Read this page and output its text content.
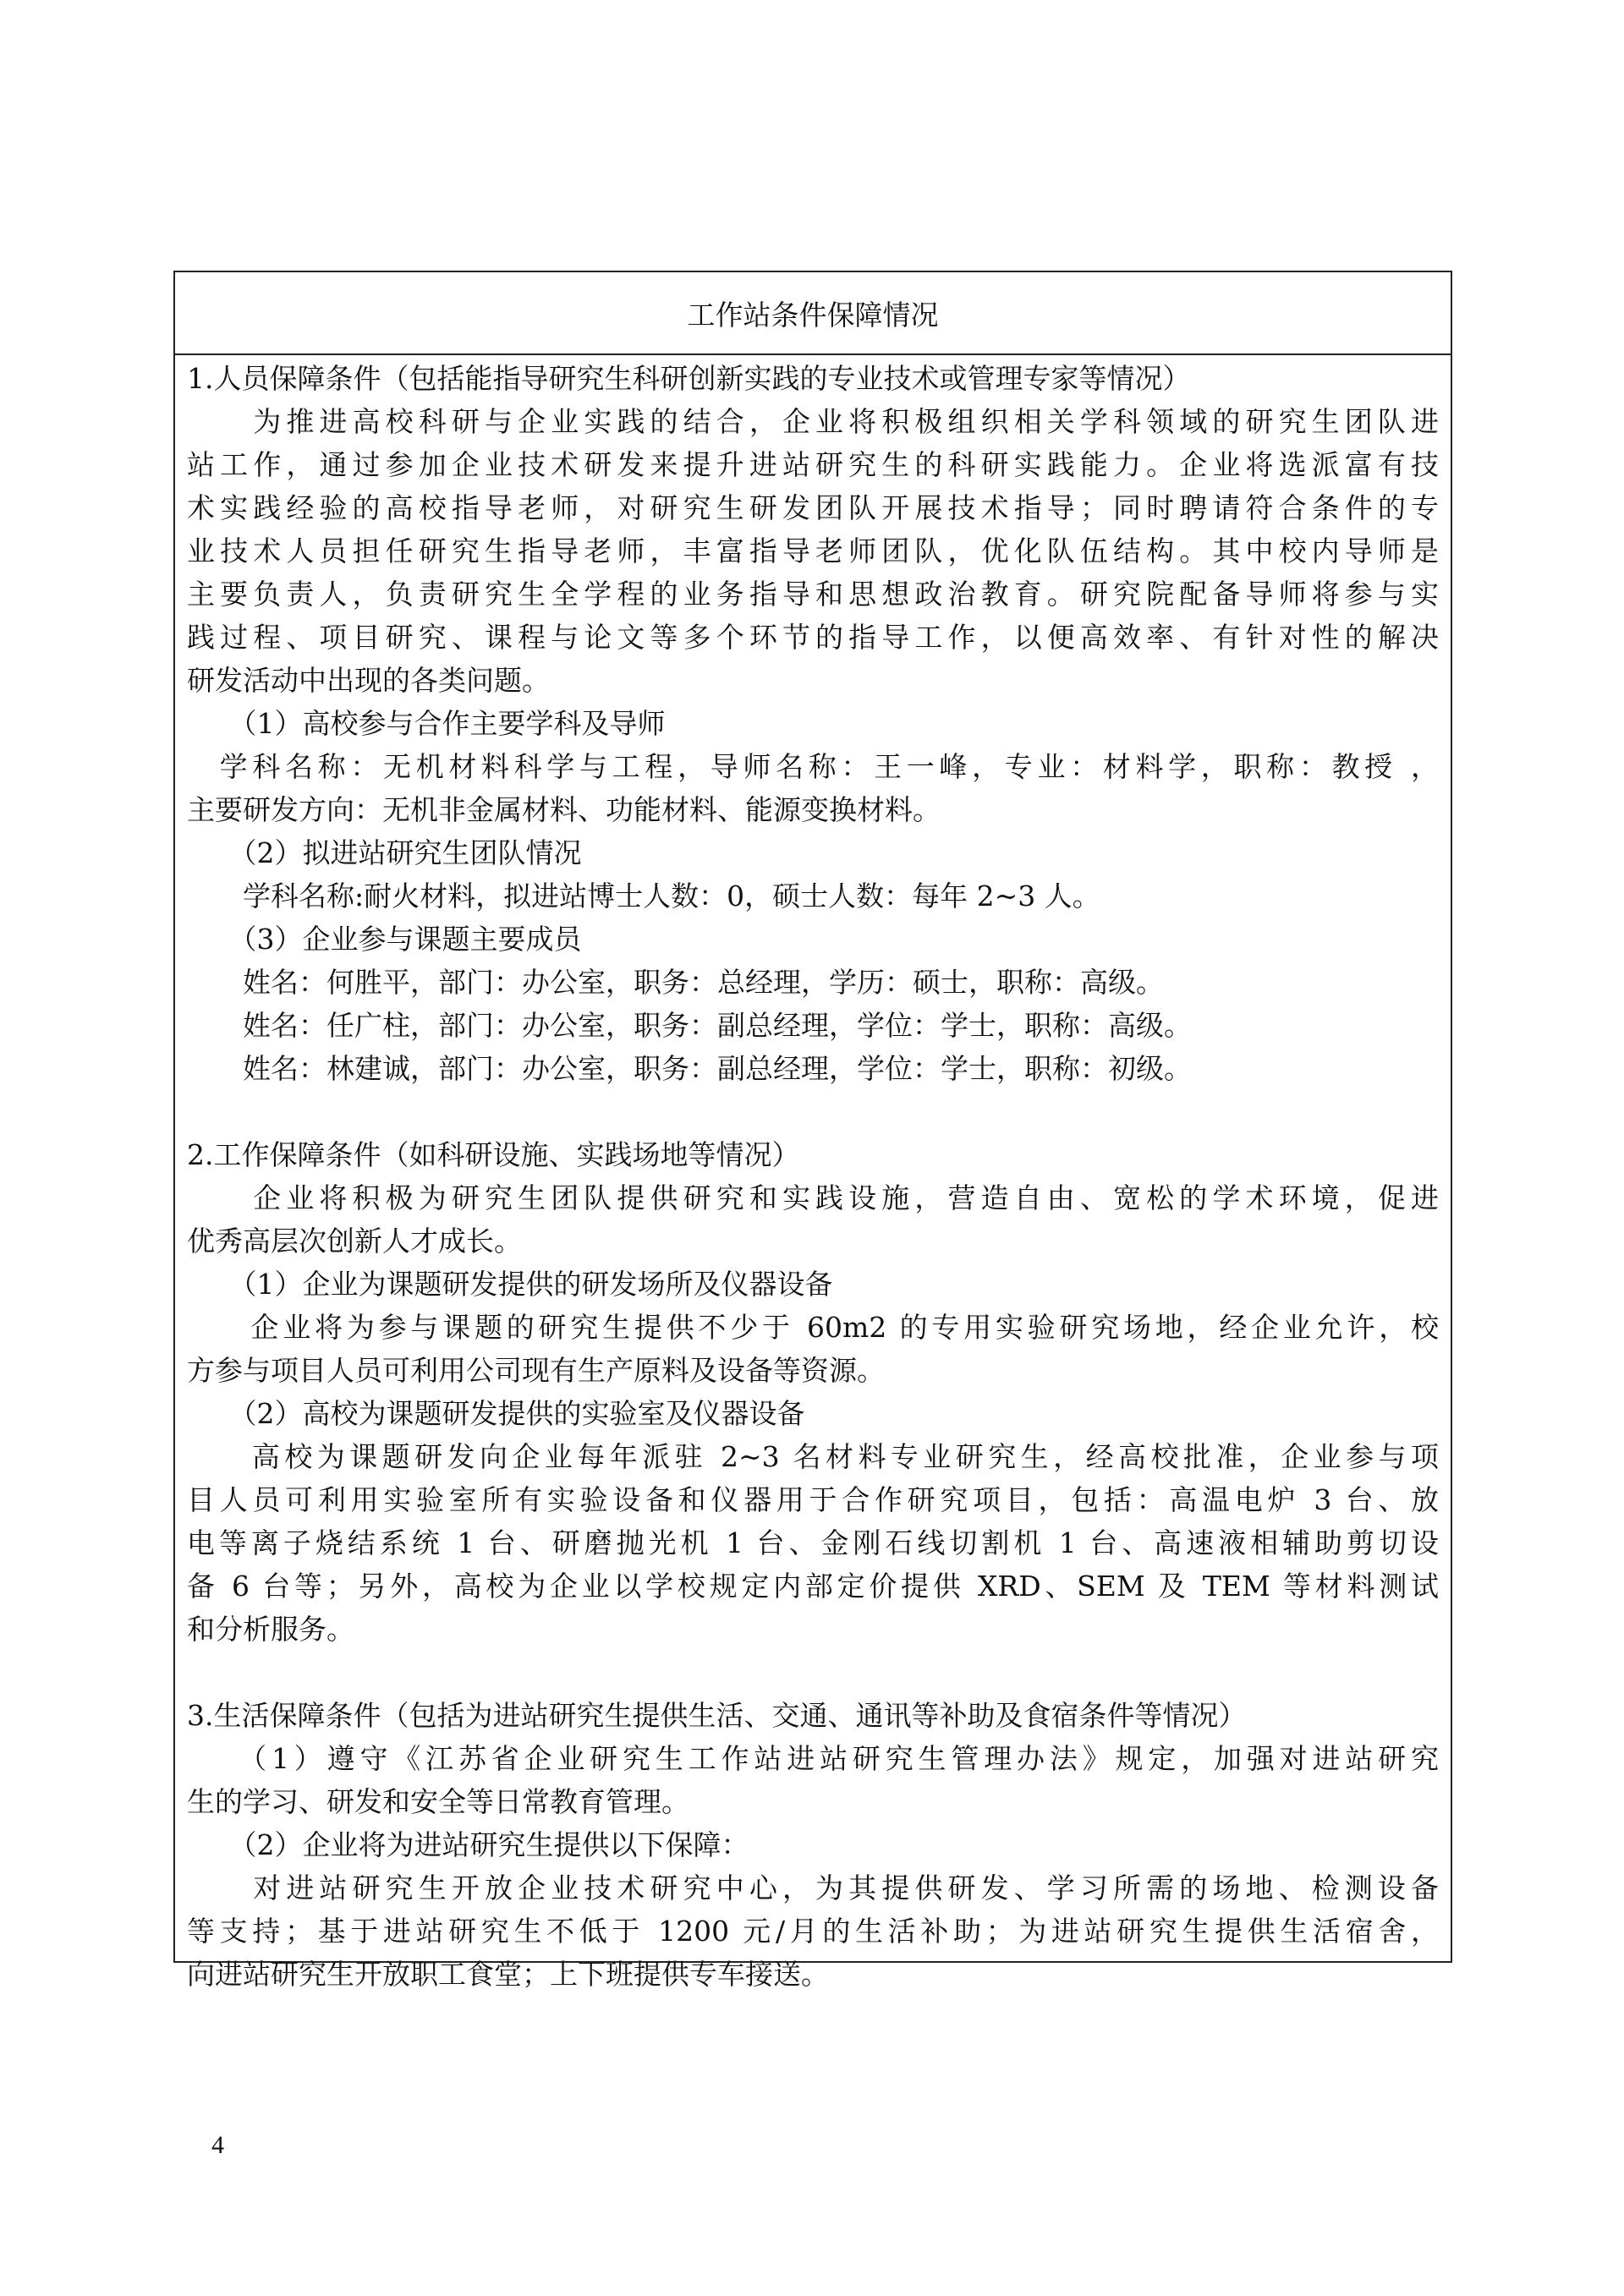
工作站条件保障情况
1.人员保障条件（包括能指导研究生科研创新实践的专业技术或管理专家等情况）
　　为推进高校科研与企业实践的结合，企业将积极组织相关学科领域的研究生团队进
站工作，通过参加企业技术研发来提升进站研究生的科研实践能力。企业将选派富有技
术实践经验的高校指导老师，对研究生研发团队开展技术指导；同时聘请符合条件的专
业技术人员担任研究生指导老师，丰富指导老师团队，优化队伍结构。其中校内导师是
主要负责人，负责研究生全学程的业务指导和思想政治教育。研究院配备导师将参与实
践过程、项目研究、课程与论文等多个环节的指导工作，以便高效率、有针对性的解决
研发活动中出现的各类问题。
　　（1）高校参与合作主要学科及导师
　学科名称：无机材料科学与工程，导师名称：王一峰，专业：材料学，职称：教授 ，
主要研发方向：无机非金属材料、功能材料、能源变换材料。
　　（2）拟进站研究生团队情况
　　学科名称:耐火材料，拟进站博士人数：0，硕士人数：每年 2~3 人。
　　（3）企业参与课题主要成员
　　姓名：何胜平，部门：办公室，职务：总经理，学历：硕士，职称：高级。
　　姓名：任广柱，部门：办公室，职务：副总经理，学位：学士，职称：高级。
　　姓名：林建诚，部门：办公室，职务：副总经理，学位：学士，职称：初级。
2.工作保障条件（如科研设施、实践场地等情况）
　　企业将积极为研究生团队提供研究和实践设施，营造自由、宽松的学术环境，促进
优秀高层次创新人才成长。
　　（1）企业为课题研发提供的研发场所及仪器设备
　　企业将为参与课题的研究生提供不少于 60m2 的专用实验研究场地，经企业允许，校
方参与项目人员可利用公司现有生产原料及设备等资源。
　　（2）高校为课题研发提供的实验室及仪器设备
　　高校为课题研发向企业每年派驻 2~3 名材料专业研究生，经高校批准，企业参与项
目人员可利用实验室所有实验设备和仪器用于合作研究项目，包括：高温电炉 3 台、放
电等离子烧结系统 1 台、研磨抛光机 1 台、金刚石线切割机 1 台、高速液相辅助剪切设
备 6 台等；另外，高校为企业以学校规定内部定价提供 XRD、SEM 及 TEM 等材料测试
和分析服务。
3.生活保障条件（包括为进站研究生提供生活、交通、通讯等补助及食宿条件等情况）
　　（1）遵守《江苏省企业研究生工作站进站研究生管理办法》规定，加强对进站研究
生的学习、研发和安全等日常教育管理。
　　（2）企业将为进站研究生提供以下保障：
　　对进站研究生开放企业技术研究中心，为其提供研发、学习所需的场地、检测设备
等支持；基于进站研究生不低于 1200 元/月的生活补助；为进站研究生提供生活宿舍，
向进站研究生开放职工食堂；上下班提供专车接送。
4
